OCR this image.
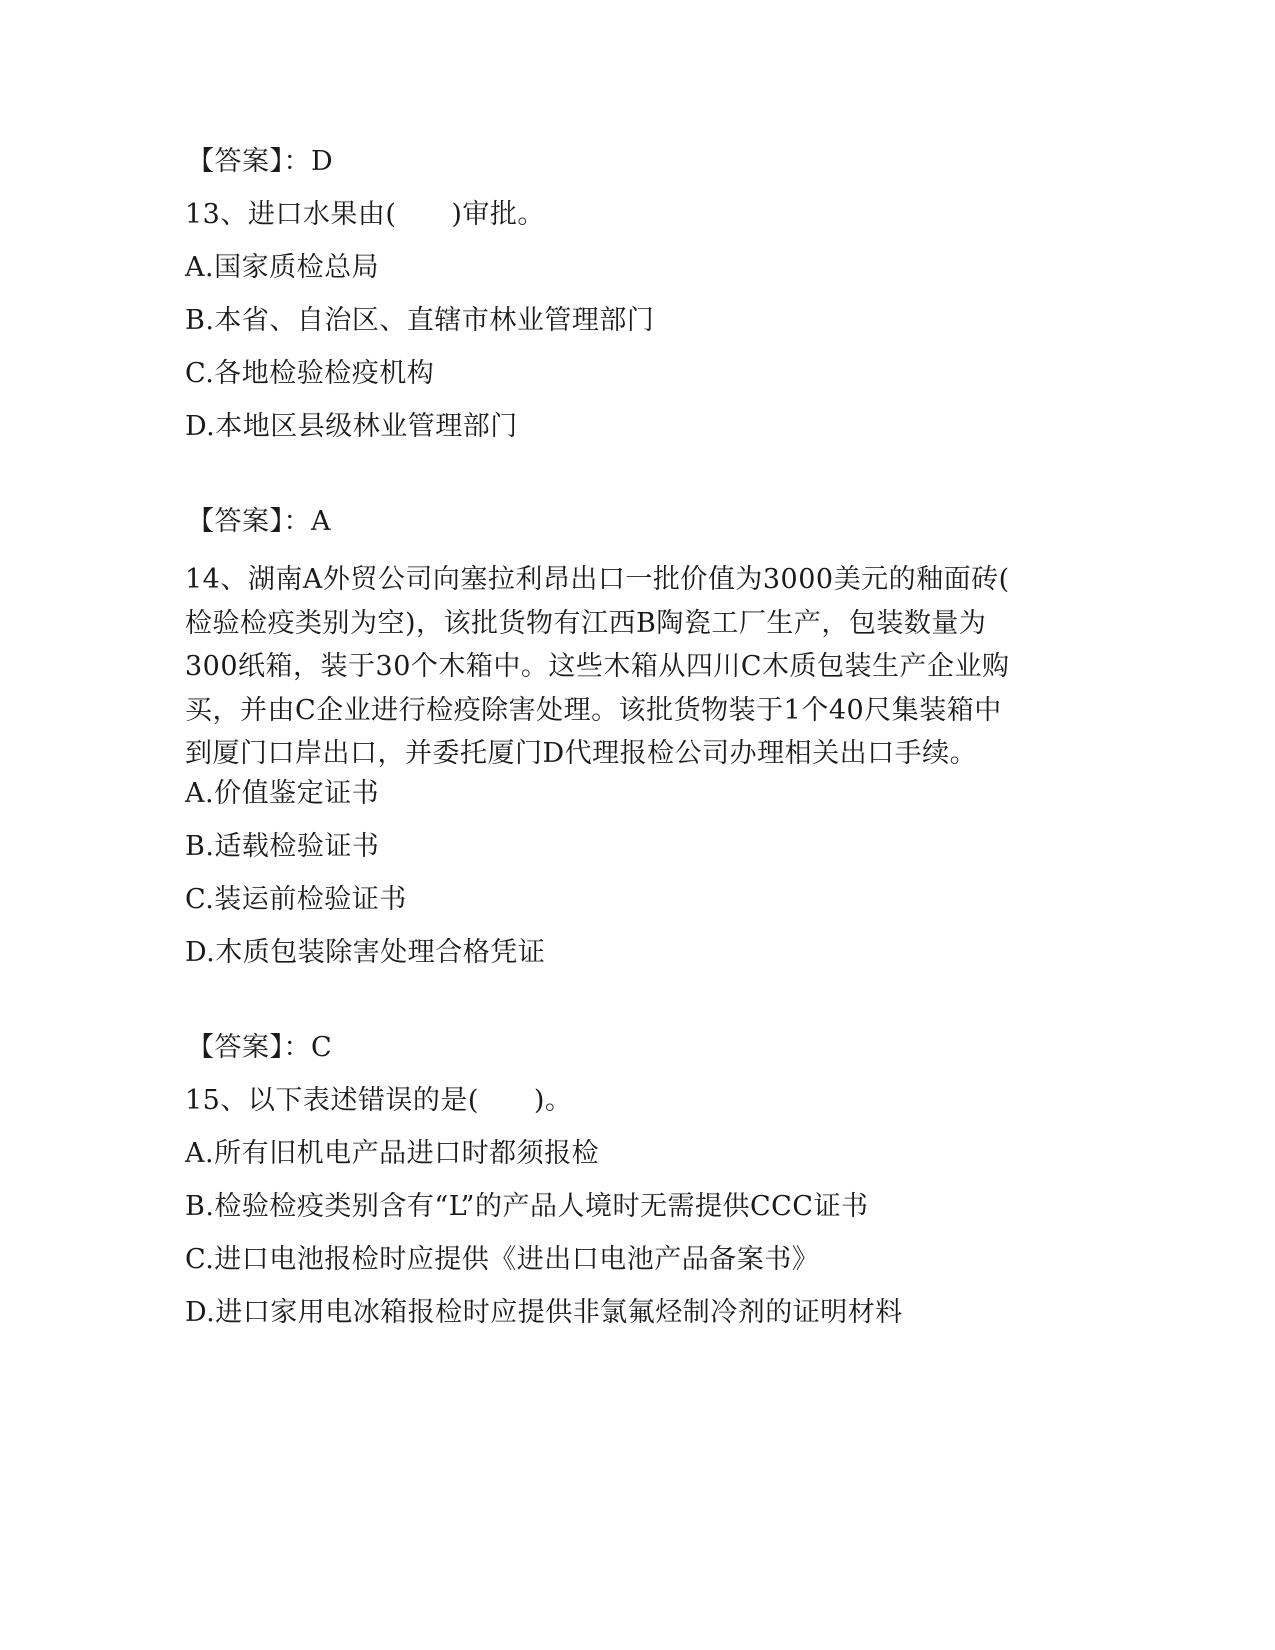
【答案】：D
13、进口水果由(　　)审批。
A.国家质检总局
B.本省、自治区、直辖市林业管理部门
C.各地检验检疫机构
D.本地区县级林业管理部门
【答案】：A
14、湖南A外贸公司向塞拉利昂出口一批价值为3000美元的釉面砖(
检验检疫类别为空)，该批货物有江西B陶瓷工厂生产，包装数量为
300纸箱，装于30个木箱中。这些木箱从四川C木质包装生产企业购
买，并由C企业进行检疫除害处理。该批货物装于1个40尺集装箱中
到厦门口岸出口，并委托厦门D代理报检公司办理相关出口手续。
A.价值鉴定证书
B.适载检验证书
C.装运前检验证书
D.木质包装除害处理合格凭证
【答案】：C
15、以下表述错误的是(　　)。
A.所有旧机电产品进口时都须报检
B.检验检疫类别含有“L”的产品人境时无需提供CCC证书
C.进口电池报检时应提供《进出口电池产品备案书》
D.进口家用电冰箱报检时应提供非氯氟烃制冷剂的证明材料
